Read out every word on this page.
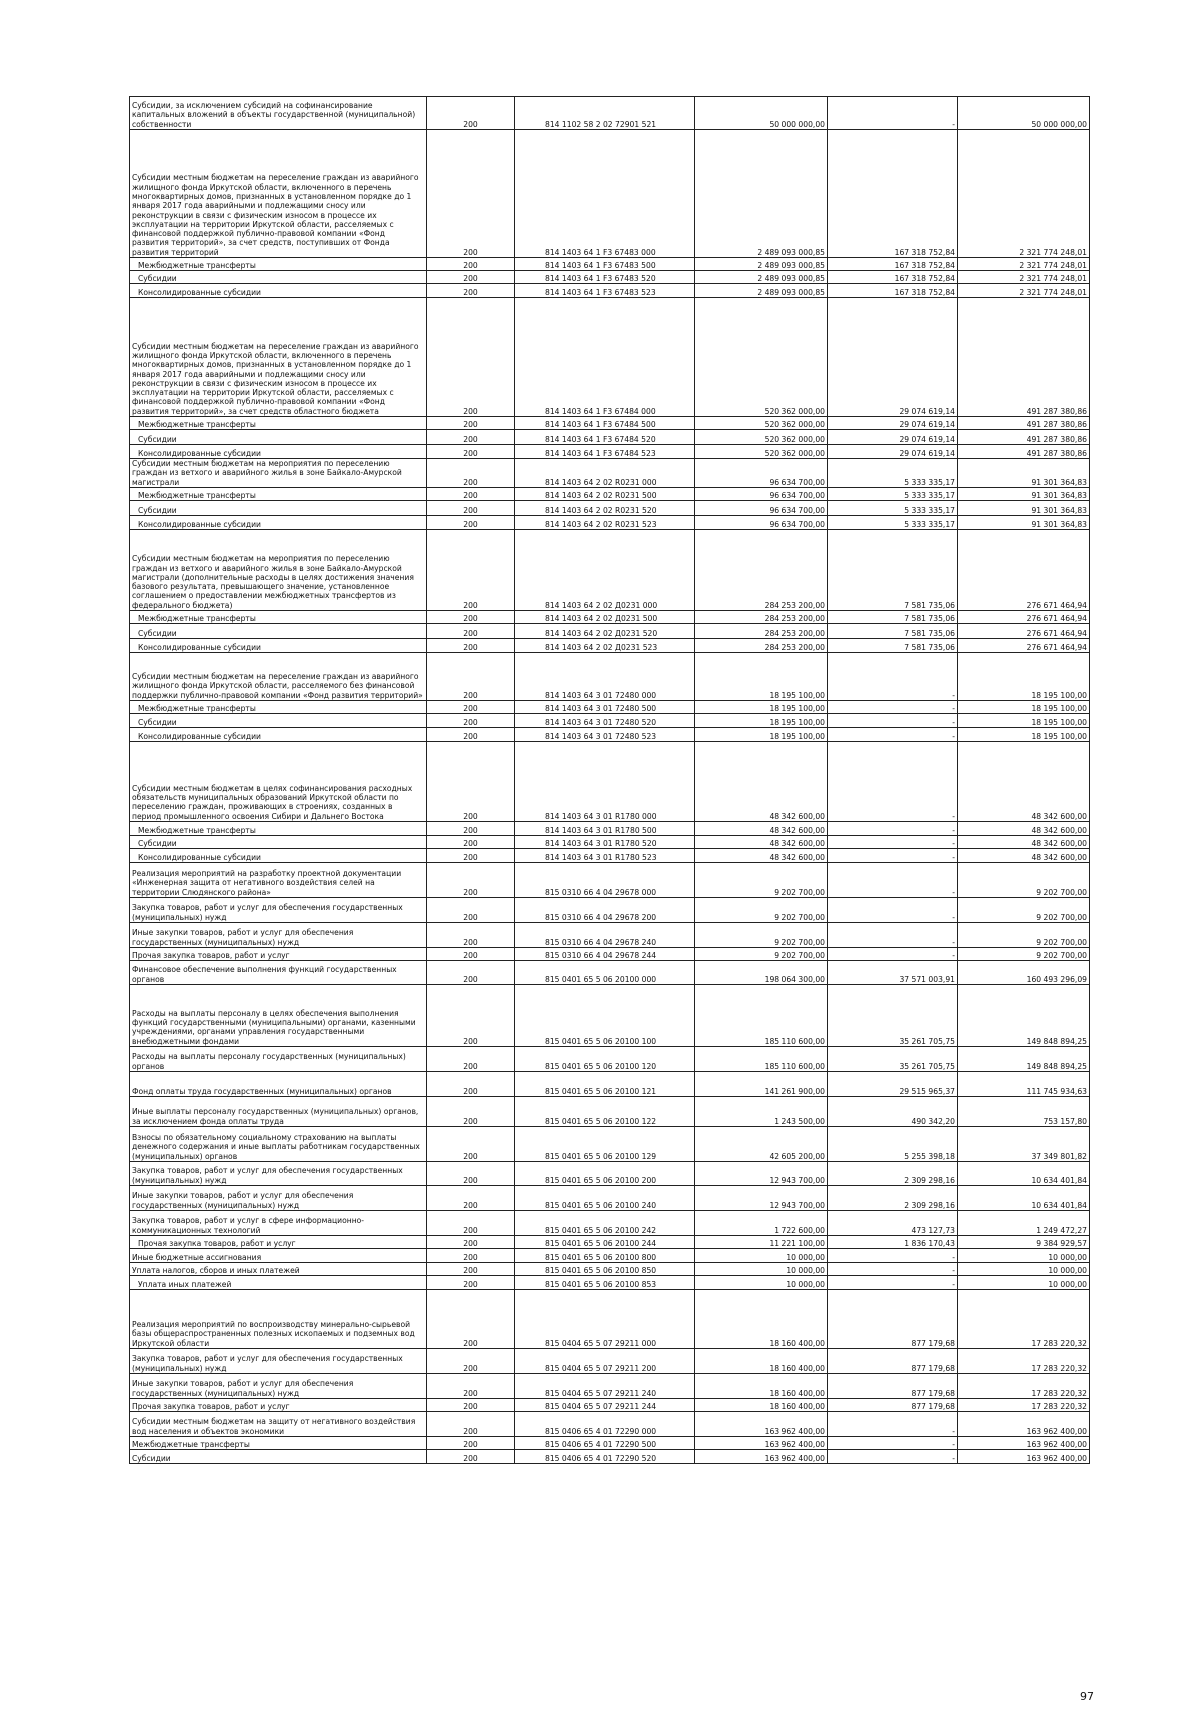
Субсидии, за исключением субсидий на софинансирование капитальных вложений в объекты государственной (муниципальной) собственности	200	814 1102 58 2 02 72901 521	50 000 000,00	-	50 000 000,00
Субсидии местным бюджетам на переселение граждан из аварийного жилищного фонда Иркутской области, включенного в перечень многоквартирных домов, признанных в установленном порядке до 1 января 2017 года аварийными и подлежащими сносу или реконструкции в связи с физическим износом в процессе их эксплуатации на территории Иркутской области, расселяемых с финансовой поддержкой публично-правовой компании «Фонд развития территорий», за счет средств, поступивших от Фонда развития территорий	200	814 1403 64 1 F3 67483 000	2 489 093 000,85	167 318 752,84	2 321 774 248,01
Межбюджетные трансферты	200	814 1403 64 1 F3 67483 500	2 489 093 000,85	167 318 752,84	2 321 774 248,01
Субсидии	200	814 1403 64 1 F3 67483 520	2 489 093 000,85	167 318 752,84	2 321 774 248,01
Консолидированные субсидии	200	814 1403 64 1 F3 67483 523	2 489 093 000,85	167 318 752,84	2 321 774 248,01
Субсидии местным бюджетам на переселение граждан из аварийного жилищного фонда Иркутской области, включенного в перечень многоквартирных домов, признанных в установленном порядке до 1 января 2017 года аварийными и подлежащими сносу или реконструкции в связи с физическим износом в процессе их эксплуатации на территории Иркутской области, расселяемых с финансовой поддержкой публично-правовой компании «Фонд развития территорий», за счет средств областного бюджета	200	814 1403 64 1 F3 67484 000	520 362 000,00	29 074 619,14	491 287 380,86
Межбюджетные трансферты	200	814 1403 64 1 F3 67484 500	520 362 000,00	29 074 619,14	491 287 380,86
Субсидии	200	814 1403 64 1 F3 67484 520	520 362 000,00	29 074 619,14	491 287 380,86
Консолидированные субсидии	200	814 1403 64 1 F3 67484 523	520 362 000,00	29 074 619,14	491 287 380,86
Субсидии местным бюджетам на мероприятия по переселению граждан из ветхого и аварийного жилья в зоне Байкало-Амурской магистрали	200	814 1403 64 2 02 R0231 000	96 634 700,00	5 333 335,17	91 301 364,83
Межбюджетные трансферты	200	814 1403 64 2 02 R0231 500	96 634 700,00	5 333 335,17	91 301 364,83
Субсидии	200	814 1403 64 2 02 R0231 520	96 634 700,00	5 333 335,17	91 301 364,83
Консолидированные субсидии	200	814 1403 64 2 02 R0231 523	96 634 700,00	5 333 335,17	91 301 364,83
Субсидии местным бюджетам на мероприятия по переселению граждан из ветхого и аварийного жилья в зоне Байкало-Амурской магистрали (дополнительные расходы в целях достижения значения базового результата, превышающего значение, установленное соглашением о предоставлении межбюджетных трансфертов из федерального бюджета)	200	814 1403 64 2 02 Д0231 000	284 253 200,00	7 581 735,06	276 671 464,94
Межбюджетные трансферты	200	814 1403 64 2 02 Д0231 500	284 253 200,00	7 581 735,06	276 671 464,94
Субсидии	200	814 1403 64 2 02 Д0231 520	284 253 200,00	7 581 735,06	276 671 464,94
Консолидированные субсидии	200	814 1403 64 2 02 Д0231 523	284 253 200,00	7 581 735,06	276 671 464,94
Субсидии местным бюджетам на переселение граждан из аварийного жилищного фонда Иркутской области, расселяемого без финансовой поддержки публично-правовой компании «Фонд развития территорий»	200	814 1403 64 3 01 72480 000	18 195 100,00	-	18 195 100,00
Межбюджетные трансферты	200	814 1403 64 3 01 72480 500	18 195 100,00	-	18 195 100,00
Субсидии	200	814 1403 64 3 01 72480 520	18 195 100,00	-	18 195 100,00
Консолидированные субсидии	200	814 1403 64 3 01 72480 523	18 195 100,00	-	18 195 100,00
Субсидии местным бюджетам в целях софинансирования расходных обязательств муниципальных образований Иркутской области по переселению граждан, проживающих в строениях, созданных в период промышленного освоения Сибири и Дальнего Востока	200	814 1403 64 3 01 R1780 000	48 342 600,00	-	48 342 600,00
Межбюджетные трансферты	200	814 1403 64 3 01 R1780 500	48 342 600,00	-	48 342 600,00
Субсидии	200	814 1403 64 3 01 R1780 520	48 342 600,00	-	48 342 600,00
Консолидированные субсидии	200	814 1403 64 3 01 R1780 523	48 342 600,00	-	48 342 600,00
Реализация мероприятий на разработку проектной документации «Инженерная защита от негативного воздействия селей на территории Слюдянского района»	200	815 0310 66 4 04 29678 000	9 202 700,00	-	9 202 700,00
Закупка товаров, работ и услуг для обеспечения государственных (муниципальных) нужд	200	815 0310 66 4 04 29678 200	9 202 700,00	-	9 202 700,00
Иные закупки товаров, работ и услуг для обеспечения государственных (муниципальных) нужд	200	815 0310 66 4 04 29678 240	9 202 700,00	-	9 202 700,00
Прочая закупка товаров, работ и услуг	200	815 0310 66 4 04 29678 244	9 202 700,00	-	9 202 700,00
Финансовое обеспечение выполнения функций государственных органов	200	815 0401 65 5 06 20100 000	198 064 300,00	37 571 003,91	160 493 296,09
Расходы на выплаты персоналу в целях обеспечения выполнения функций государственными (муниципальными) органами, казенными учреждениями, органами управления государственными внебюджетными фондами	200	815 0401 65 5 06 20100 100	185 110 600,00	35 261 705,75	149 848 894,25
Расходы на выплаты персоналу государственных (муниципальных) органов	200	815 0401 65 5 06 20100 120	185 110 600,00	35 261 705,75	149 848 894,25
Фонд оплаты труда государственных (муниципальных) органов	200	815 0401 65 5 06 20100 121	141 261 900,00	29 515 965,37	111 745 934,63
Иные выплаты персоналу государственных (муниципальных) органов, за исключением фонда оплаты труда	200	815 0401 65 5 06 20100 122	1 243 500,00	490 342,20	753 157,80
Взносы по обязательному социальному страхованию на выплаты денежного содержания и иные выплаты работникам государственных (муниципальных) органов	200	815 0401 65 5 06 20100 129	42 605 200,00	5 255 398,18	37 349 801,82
Закупка товаров, работ и услуг для обеспечения государственных (муниципальных) нужд	200	815 0401 65 5 06 20100 200	12 943 700,00	2 309 298,16	10 634 401,84
Иные закупки товаров, работ и услуг для обеспечения государственных (муниципальных) нужд	200	815 0401 65 5 06 20100 240	12 943 700,00	2 309 298,16	10 634 401,84
Закупка товаров, работ и услуг в сфере информационно-коммуникационных технологий	200	815 0401 65 5 06 20100 242	1 722 600,00	473 127,73	1 249 472,27
Прочая закупка товаров, работ и услуг	200	815 0401 65 5 06 20100 244	11 221 100,00	1 836 170,43	9 384 929,57
Иные бюджетные ассигнования	200	815 0401 65 5 06 20100 800	10 000,00	-	10 000,00
Уплата налогов, сборов и иных платежей	200	815 0401 65 5 06 20100 850	10 000,00	-	10 000,00
Уплата иных платежей	200	815 0401 65 5 06 20100 853	10 000,00	-	10 000,00
Реализация мероприятий по воспроизводству минерально-сырьевой базы общераспространенных полезных ископаемых и подземных вод Иркутской области	200	815 0404 65 5 07 29211 000	18 160 400,00	877 179,68	17 283 220,32
Закупка товаров, работ и услуг для обеспечения государственных (муниципальных) нужд	200	815 0404 65 5 07 29211 200	18 160 400,00	877 179,68	17 283 220,32
Иные закупки товаров, работ и услуг для обеспечения государственных (муниципальных) нужд	200	815 0404 65 5 07 29211 240	18 160 400,00	877 179,68	17 283 220,32
Прочая закупка товаров, работ и услуг	200	815 0404 65 5 07 29211 244	18 160 400,00	877 179,68	17 283 220,32
Субсидии местным бюджетам на защиту от негативного воздействия вод населения и объектов экономики	200	815 0406 65 4 01 72290 000	163 962 400,00	-	163 962 400,00
Межбюджетные трансферты	200	815 0406 65 4 01 72290 500	163 962 400,00	-	163 962 400,00
Субсидии	200	815 0406 65 4 01 72290 520	163 962 400,00	-	163 962 400,00
97
